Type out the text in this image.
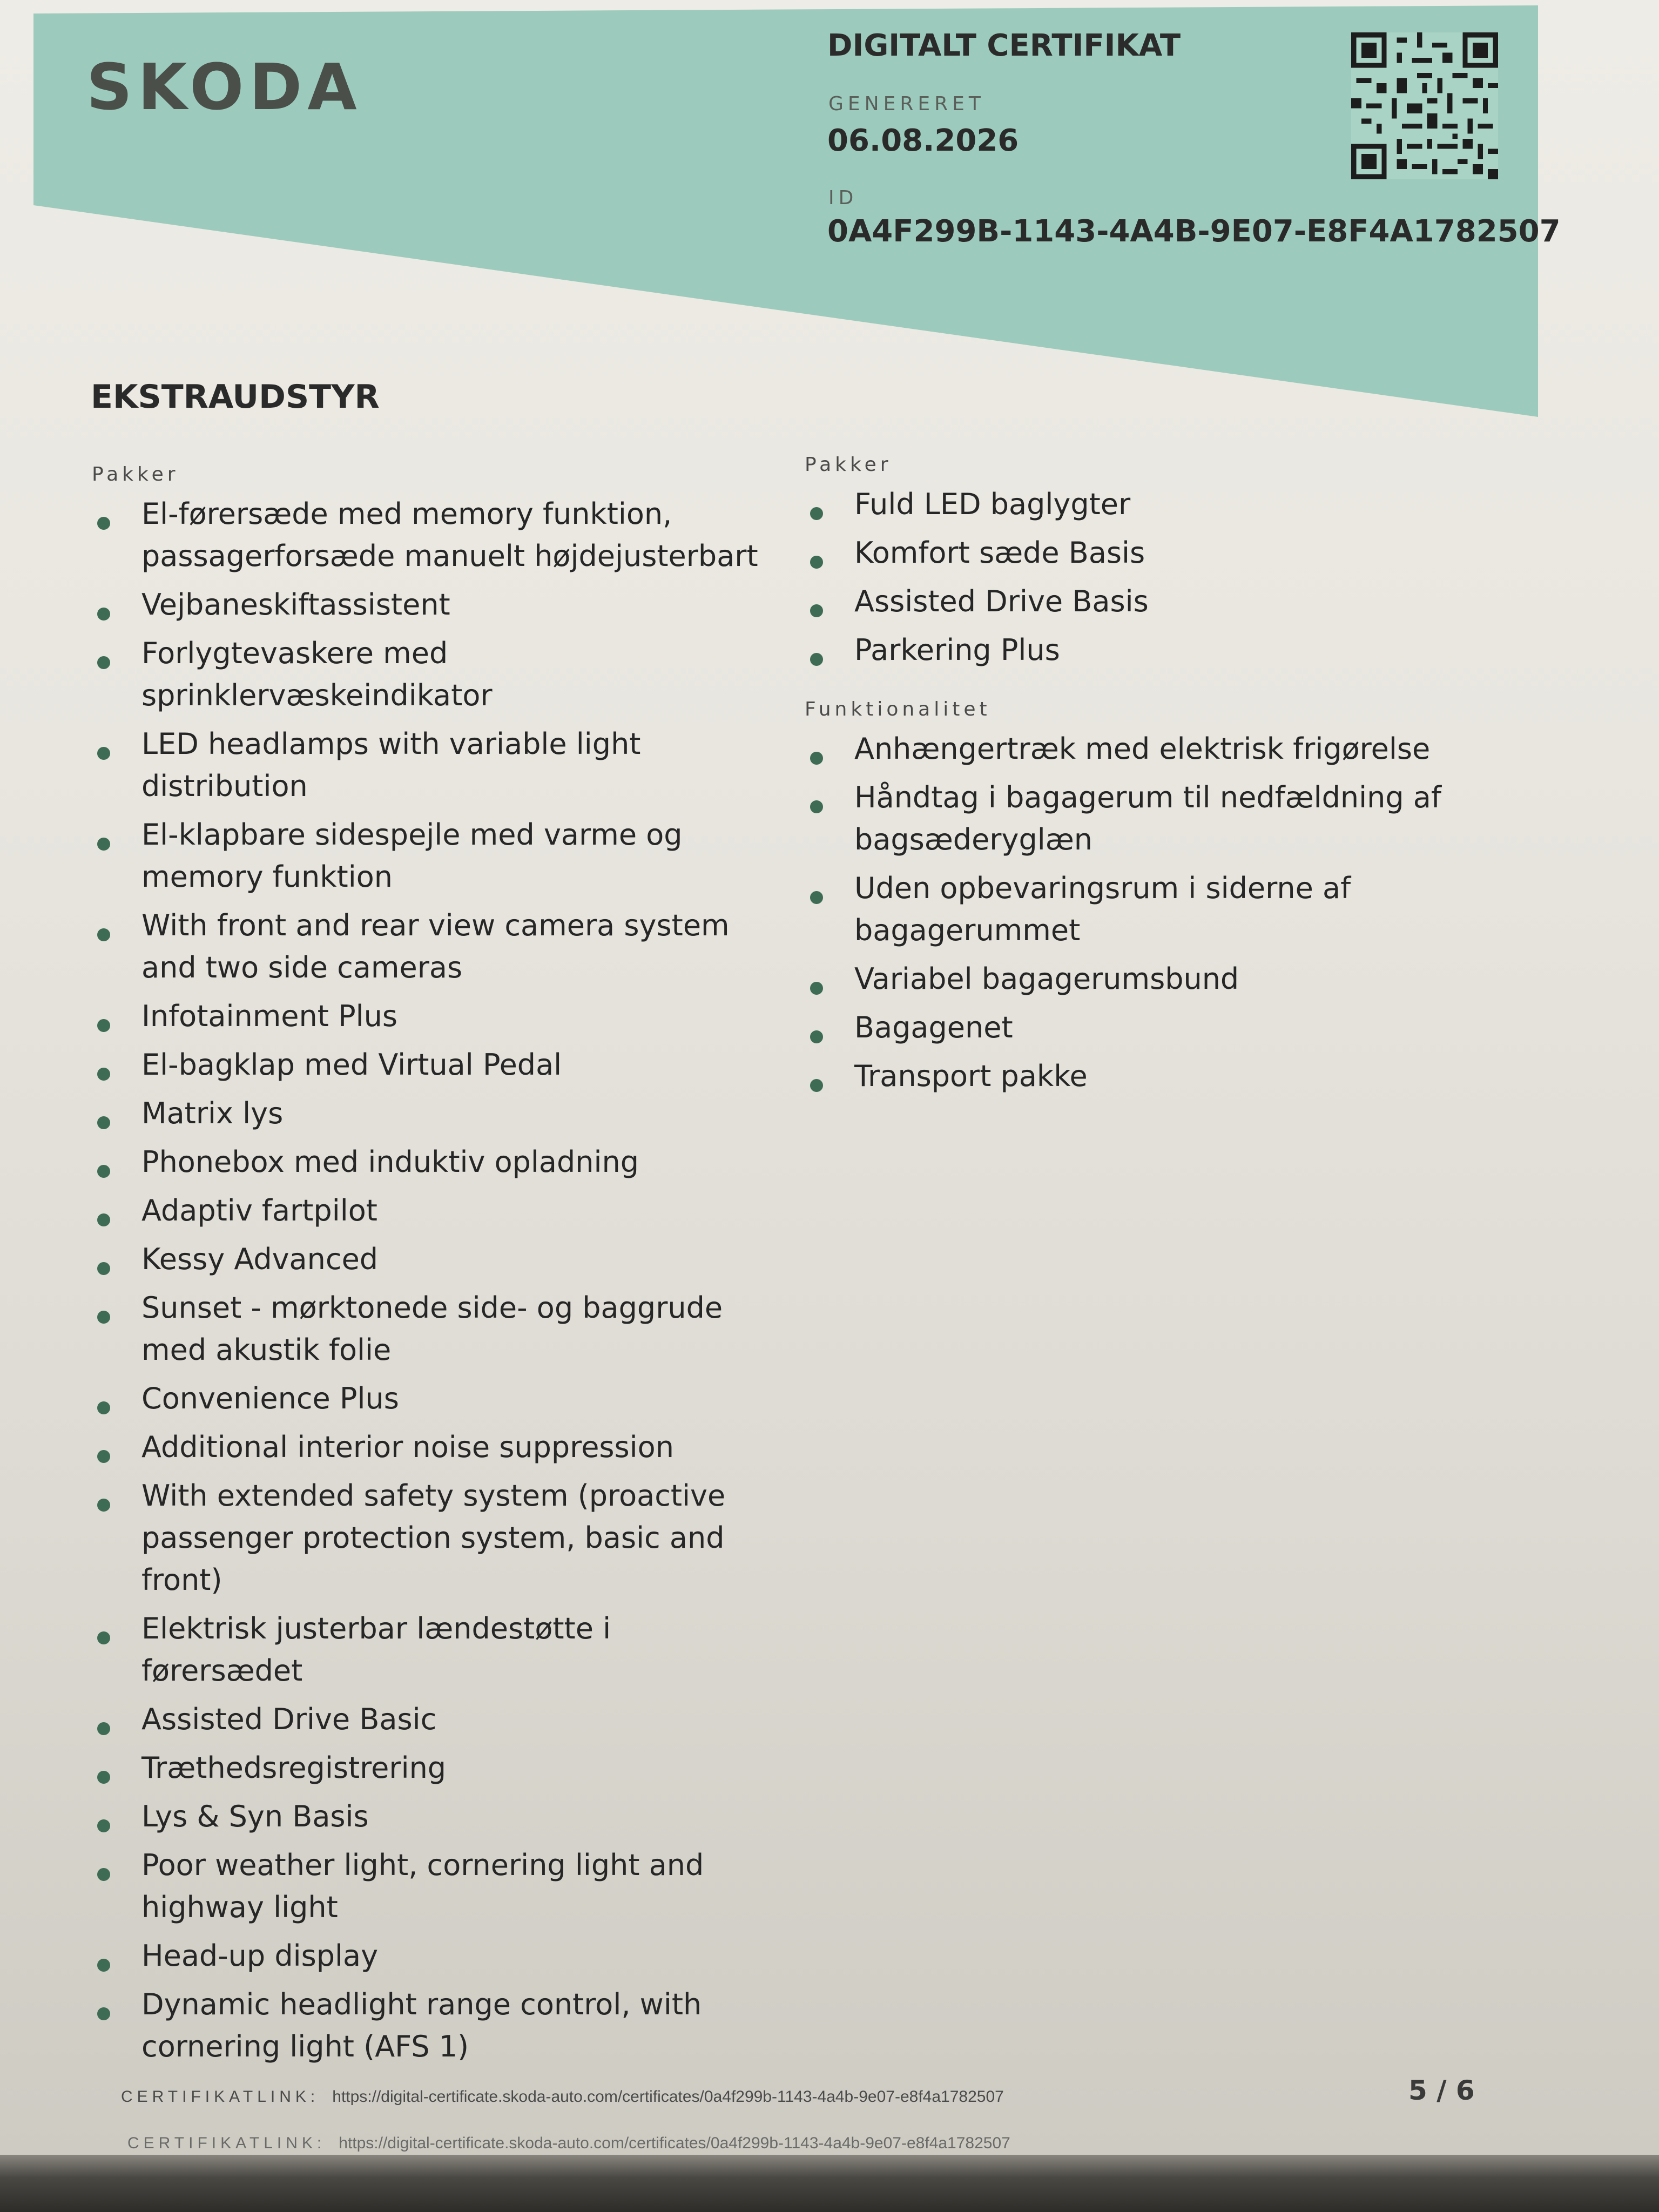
SKODA
DIGITALT CERTIFIKAT
GENERERET
06.08.2026
ID
0A4F299B-1143-4A4B-9E07-E8F4A1782507
EKSTRAUDSTYR
Pakker
El-førersæde med memory funktion, passagerforsæde manuelt højdejusterbart
Vejbaneskiftassistent
Forlygtevaskere med sprinklervæskeindikator
LED headlamps with variable light distribution
El-klapbare sidespejle med varme og memory funktion
With front and rear view camera system and two side cameras
Infotainment Plus
El-bagklap med Virtual Pedal
Matrix lys
Phonebox med induktiv opladning
Adaptiv fartpilot
Kessy Advanced
Sunset - mørktonede side- og baggrude med akustik folie
Convenience Plus
Additional interior noise suppression
With extended safety system (proactive passenger protection system, basic and front)
Elektrisk justerbar lændestøtte i førersædet
Assisted Drive Basic
Træthedsregistrering
Lys & Syn Basis
Poor weather light, cornering light and highway light
Head-up display
Dynamic headlight range control, with cornering light (AFS 1)
Pakker
Fuld LED baglygter
Komfort sæde Basis
Assisted Drive Basis
Parkering Plus
Funktionalitet
Anhængertræk med elektrisk frigørelse
Håndtag i bagagerum til nedfældning af bagsæderyglæn
Uden opbevaringsrum i siderne af bagagerummet
Variabel bagagerumsbund
Bagagenet
Transport pakke
CERTIFIKATLINK: https://digital-certificate.skoda-auto.com/certificates/0a4f299b-1143-4a4b-9e07-e8f4a1782507	5 / 6
CERTIFIKATLINK: https://digital-certificate.skoda-auto.com/certificates/0a4f299b-1143-4a4b-9e07-e8f4a1782507
